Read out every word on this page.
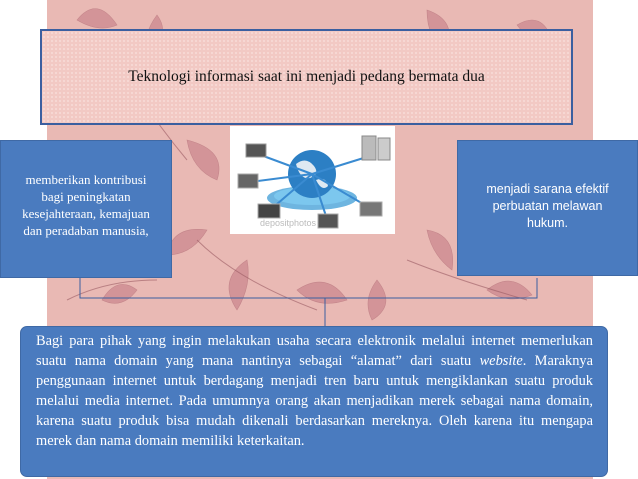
Teknologi informasi saat ini menjadi pedang bermata dua
depositphotos
memberikan kontribusi
bagi peningkatan
kesejahteraan, kemajuan
dan peradaban manusia,
menjadi sarana efektif
perbuatan melawan
hukum.
Bagi para pihak yang ingin melakukan usaha secara elektronik melalui internet memerlukan suatu nama domain yang mana nantinya sebagai “alamat” dari suatu website. Maraknya penggunaan internet untuk berdagang menjadi tren baru untuk mengiklankan suatu produk melalui media internet. Pada umumnya orang akan menjadikan merek sebagai nama domain, karena suatu produk bisa mudah dikenali berdasarkan mereknya. Oleh karena itu mengapa merek dan nama domain memiliki keterkaitan.
